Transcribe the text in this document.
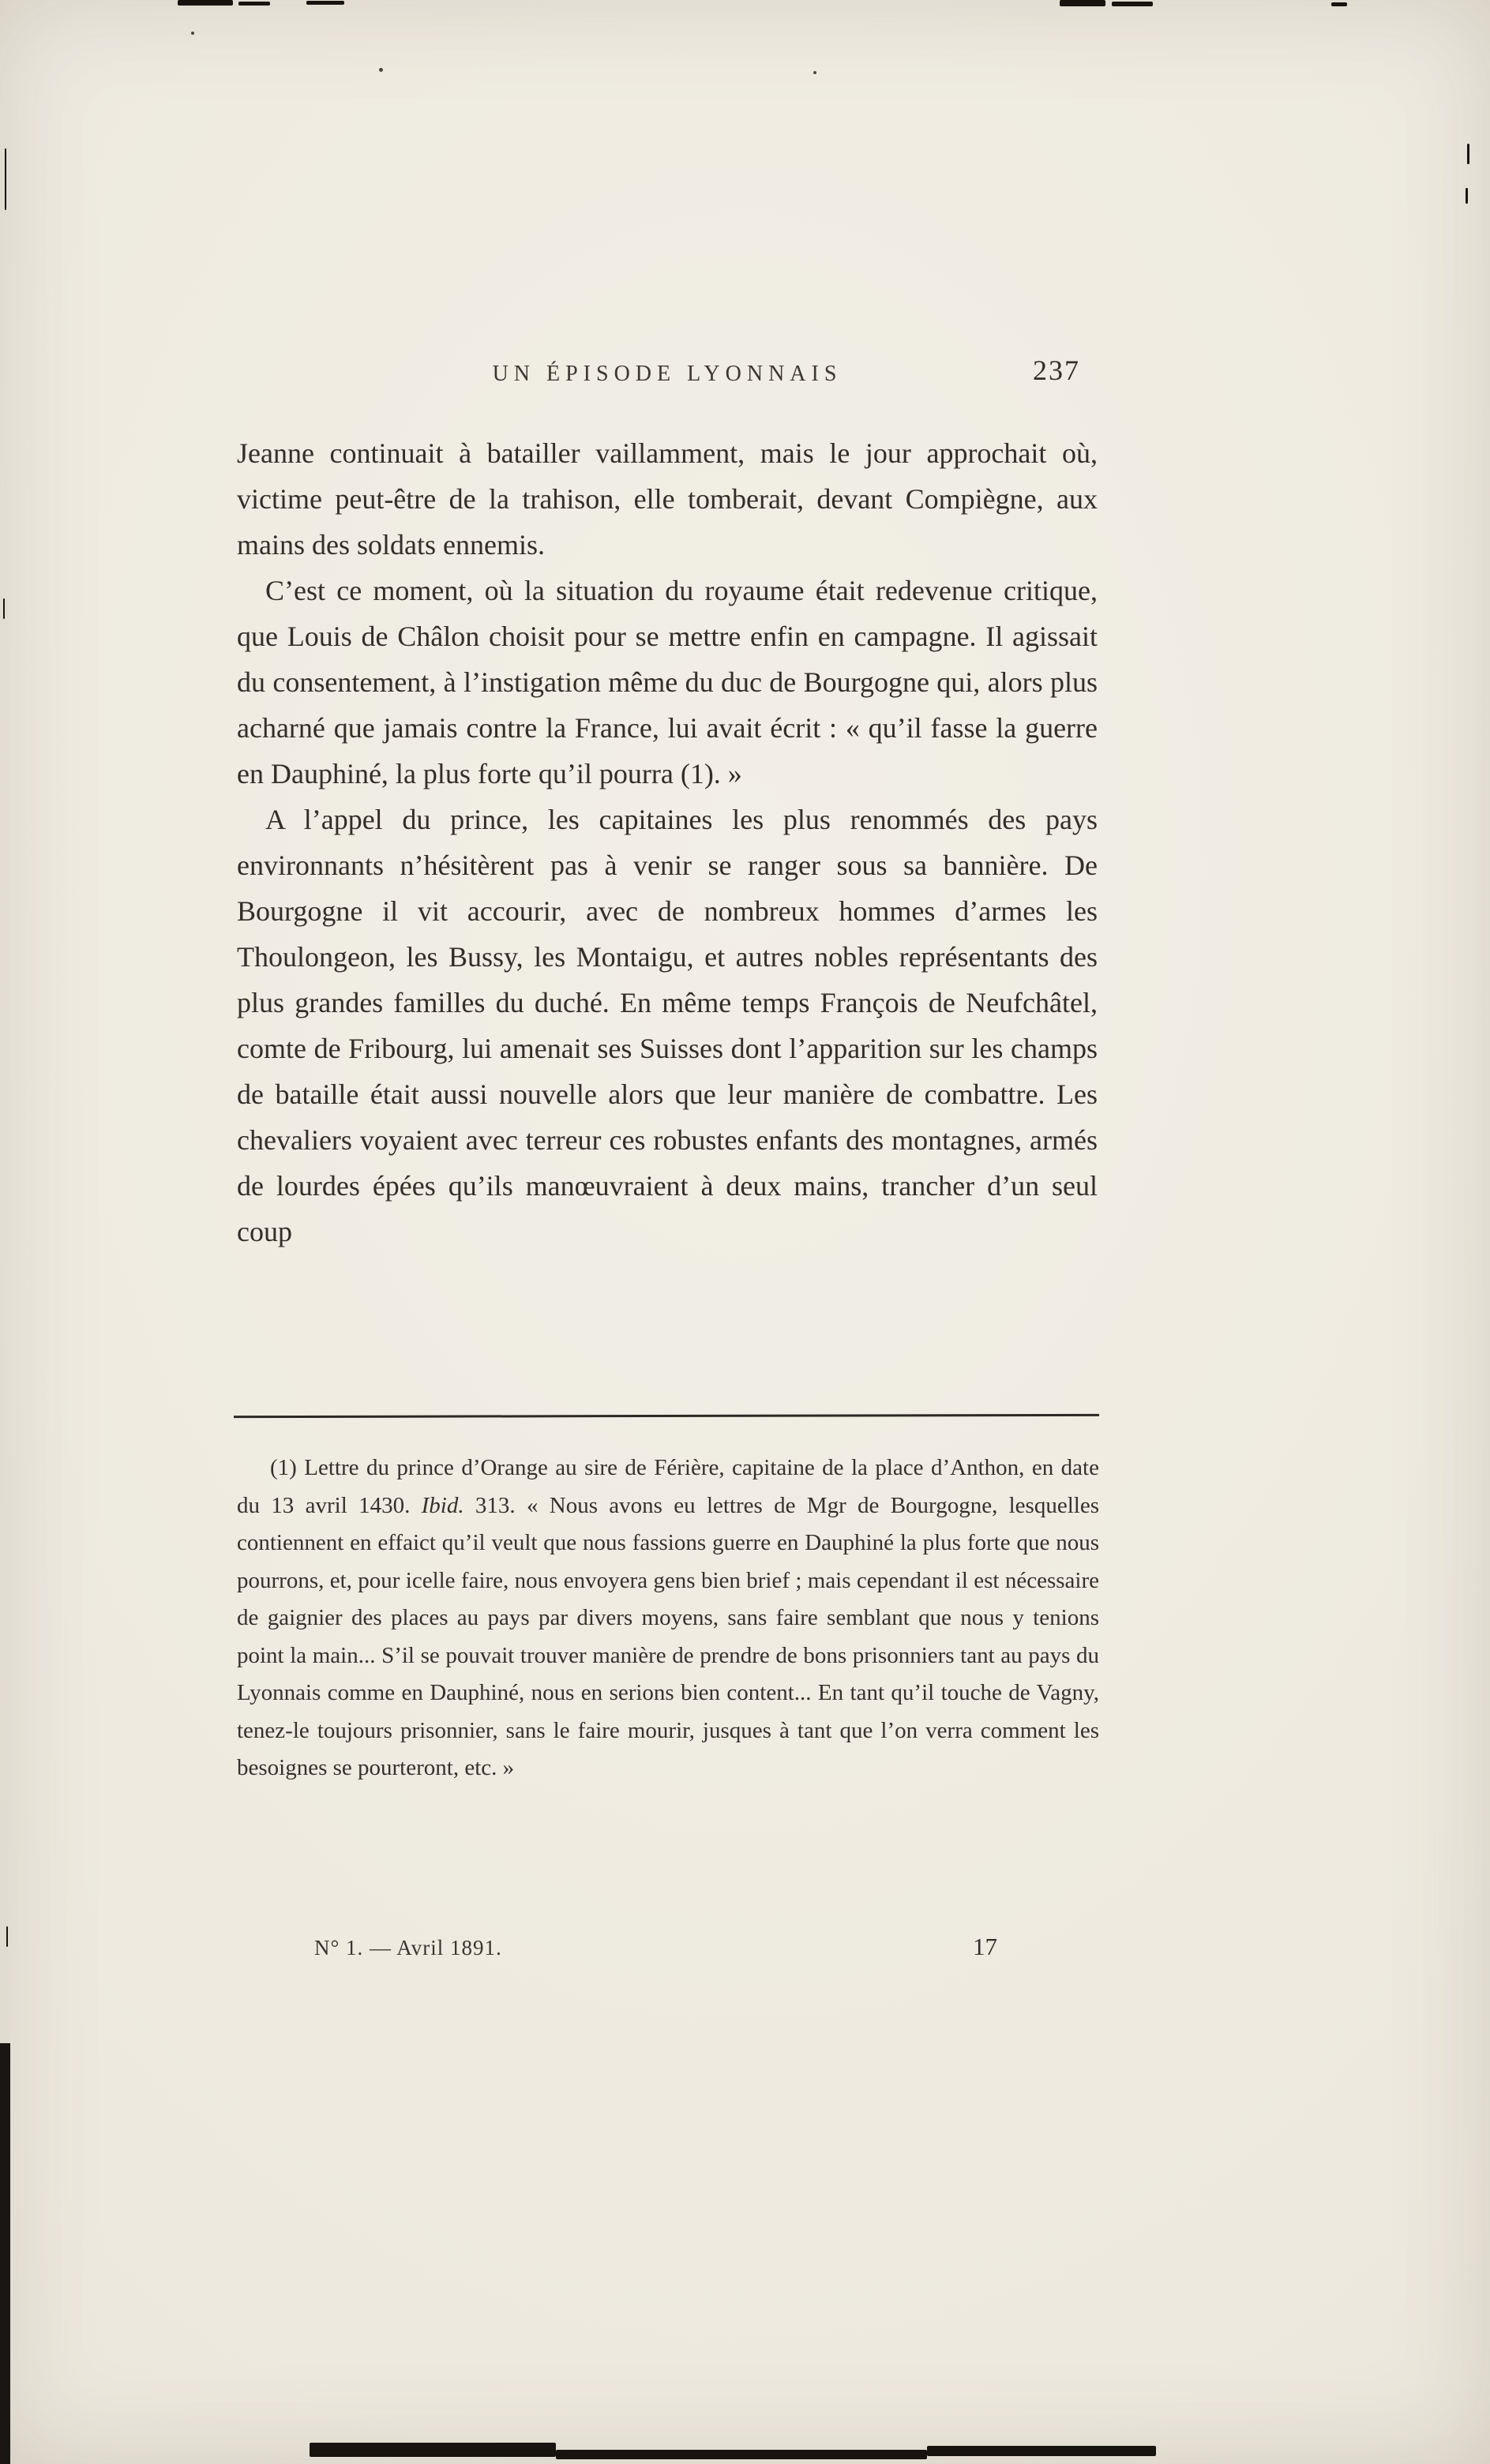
UN ÉPISODE LYONNAIS	237

Jeanne continuait à batailler vaillamment, mais le jour approchait où, victime peut-être de la trahison, elle tomberait, devant Compiègne, aux mains des soldats ennemis.

C’est ce moment, où la situation du royaume était redevenue critique, que Louis de Châlon choisit pour se mettre enfin en campagne. Il agissait du consentement, à l’instigation même du duc de Bourgogne qui, alors plus acharné que jamais contre la France, lui avait écrit : « qu’il fasse la guerre en Dauphiné, la plus forte qu’il pourra (1). »

A l’appel du prince, les capitaines les plus renommés des pays environnants n’hésitèrent pas à venir se ranger sous sa bannière. De Bourgogne il vit accourir, avec de nombreux hommes d’armes les Thoulongeon, les Bussy, les Montaigu, et autres nobles représentants des plus grandes familles du duché. En même temps François de Neufchâtel, comte de Fribourg, lui amenait ses Suisses dont l’apparition sur les champs de bataille était aussi nouvelle alors que leur manière de combattre. Les chevaliers voyaient avec terreur ces robustes enfants des montagnes, armés de lourdes épées qu’ils manœuvraient à deux mains, trancher d’un seul coup

(1) Lettre du prince d’Orange au sire de Férière, capitaine de la place d’Anthon, en date du 13 avril 1430. Ibid. 313. « Nous avons eu lettres de Mgr de Bourgogne, lesquelles contiennent en effaict qu’il veult que nous fassions guerre en Dauphiné la plus forte que nous pourrons, et, pour icelle faire, nous envoyera gens bien brief ; mais cependant il est nécessaire de gaignier des places au pays par divers moyens, sans faire semblant que nous y tenions point la main... S’il se pouvait trouver manière de prendre de bons prisonniers tant au pays du Lyonnais comme en Dauphiné, nous en serions bien content... En tant qu’il touche de Vagny, tenez-le toujours prisonnier, sans le faire mourir, jusques à tant que l’on verra comment les besoignes se pourteront, etc. »

N° 1. — Avril 1891.	17
